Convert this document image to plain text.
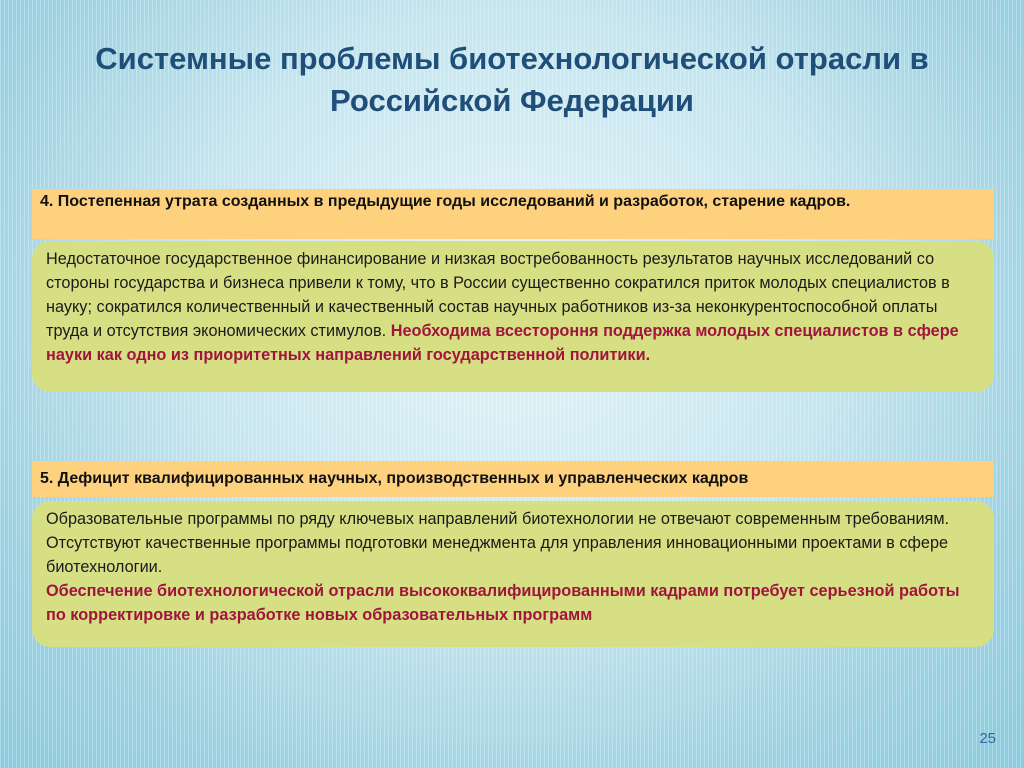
Системные проблемы биотехнологической отрасли в Российской Федерации
4. Постепенная утрата созданных в предыдущие годы исследований и разработок, старение кадров.
Недостаточное государственное финансирование и низкая востребованность результатов научных исследований со стороны государства и бизнеса привели к тому, что в России существенно сократился приток молодых специалистов в науку; сократился количественный и качественный состав научных работников из-за неконкурентоспособной оплаты труда и отсутствия экономических стимулов. Необходима всестороння поддержка молодых специалистов в сфере науки как одно из приоритетных направлений государственной политики.
5. Дефицит квалифицированных научных, производственных и управленческих кадров
Образовательные программы по ряду ключевых направлений биотехнологии не отвечают современным требованиям.
Отсутствуют качественные программы подготовки менеджмента для управления инновационными проектами в сфере биотехнологии.
Обеспечение биотехнологической отрасли высококвалифицированными кадрами потребует серьезной работы по корректировке и разработке новых образовательных программ
25
